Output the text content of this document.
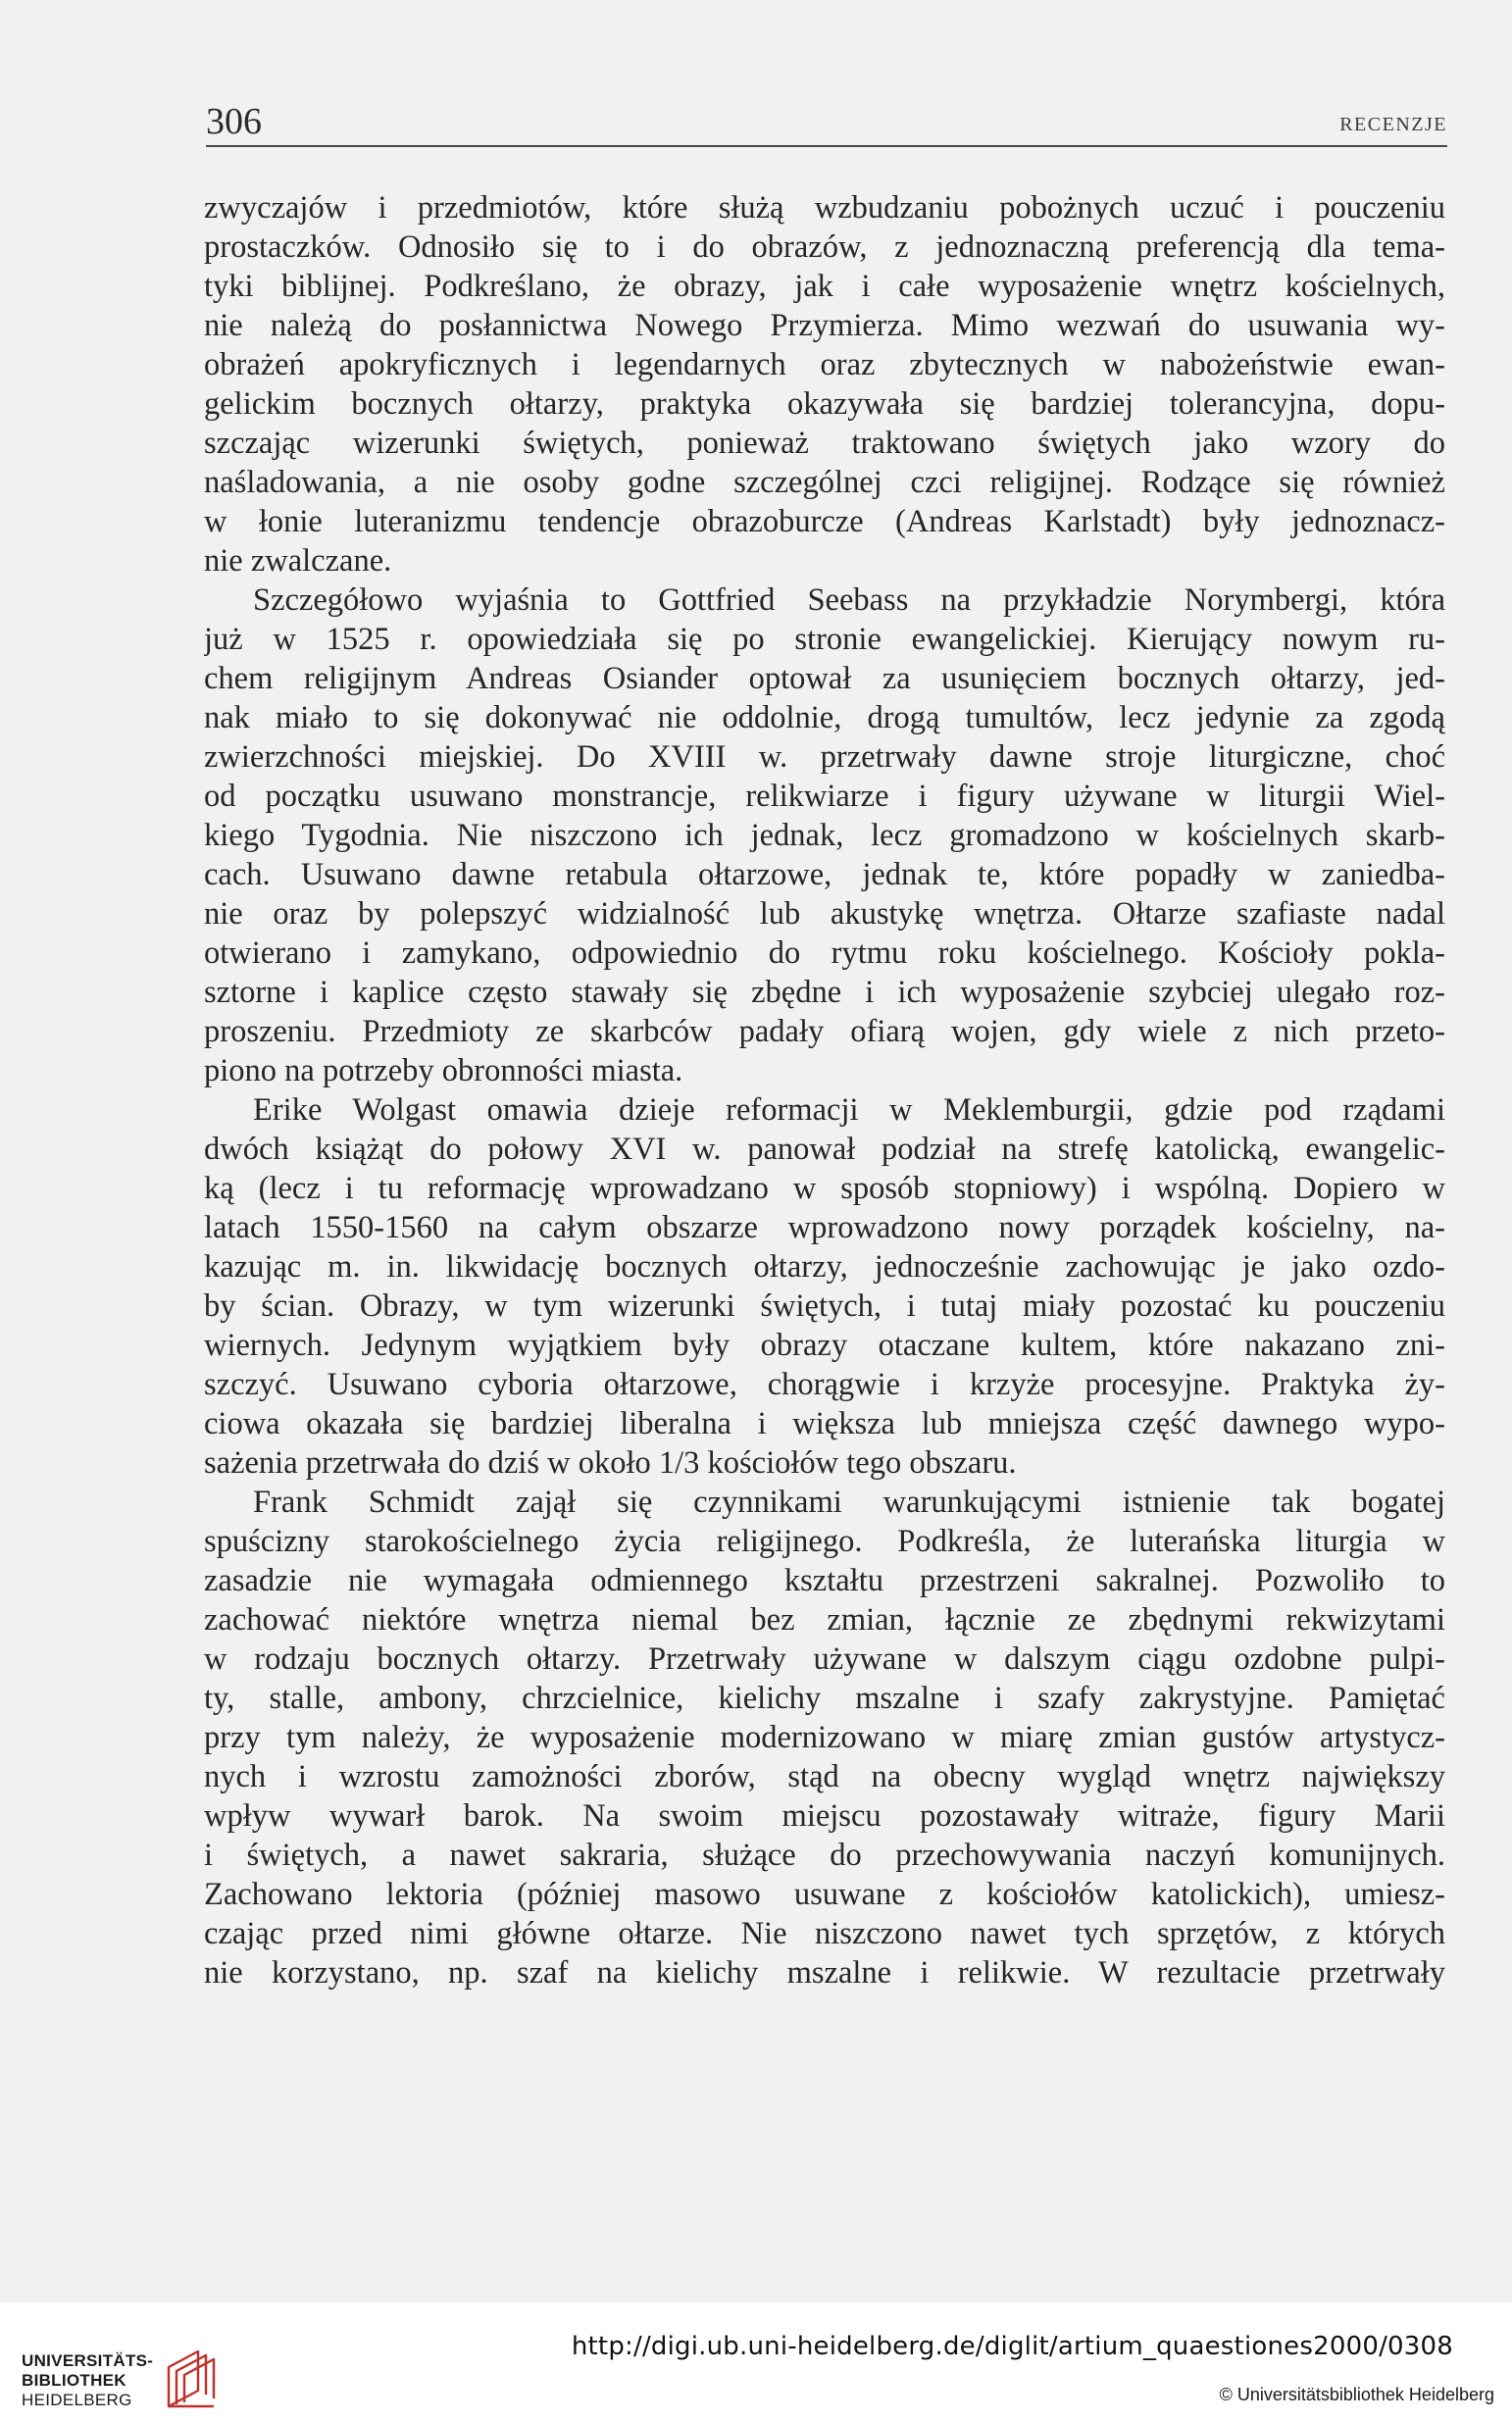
306	RECENZJE
zwyczajów i przedmiotów, które służą wzbudzaniu pobożnych uczuć i pouczeniu
prostaczków. Odnosiło się to i do obrazów, z jednoznaczną preferencją dla tema-
tyki biblijnej. Podkreślano, że obrazy, jak i całe wyposażenie wnętrz kościelnych,
nie należą do posłannictwa Nowego Przymierza. Mimo wezwań do usuwania wy-
obrażeń apokryficznych i legendarnych oraz zbytecznych w nabożeństwie ewan-
gelickim bocznych ołtarzy, praktyka okazywała się bardziej tolerancyjna, dopu-
szczając wizerunki świętych, ponieważ traktowano świętych jako wzory do
naśladowania, a nie osoby godne szczególnej czci religijnej. Rodzące się również
w łonie luteranizmu tendencje obrazoburcze (Andreas Karlstadt) były jednoznacz-
nie zwalczane.
Szczegółowo wyjaśnia to Gottfried Seebass na przykładzie Norymbergi, która
już w 1525 r. opowiedziała się po stronie ewangelickiej. Kierujący nowym ru-
chem religijnym Andreas Osiander optował za usunięciem bocznych ołtarzy, jed-
nak miało to się dokonywać nie oddolnie, drogą tumultów, lecz jedynie za zgodą
zwierzchności miejskiej. Do XVIII w. przetrwały dawne stroje liturgiczne, choć
od początku usuwano monstrancje, relikwiarze i figury używane w liturgii Wiel-
kiego Tygodnia. Nie niszczono ich jednak, lecz gromadzono w kościelnych skarb-
cach. Usuwano dawne retabula ołtarzowe, jednak te, które popadły w zaniedba-
nie oraz by polepszyć widzialność lub akustykę wnętrza. Ołtarze szafiaste nadal
otwierano i zamykano, odpowiednio do rytmu roku kościelnego. Kościoły pokla-
sztorne i kaplice często stawały się zbędne i ich wyposażenie szybciej ulegało roz-
proszeniu. Przedmioty ze skarbców padały ofiarą wojen, gdy wiele z nich przeto-
piono na potrzeby obronności miasta.
Erike Wolgast omawia dzieje reformacji w Meklemburgii, gdzie pod rządami
dwóch książąt do połowy XVI w. panował podział na strefę katolicką, ewangelic-
ką (lecz i tu reformację wprowadzano w sposób stopniowy) i wspólną. Dopiero w
latach 1550-1560 na całym obszarze wprowadzono nowy porządek kościelny, na-
kazując m. in. likwidację bocznych ołtarzy, jednocześnie zachowując je jako ozdo-
by ścian. Obrazy, w tym wizerunki świętych, i tutaj miały pozostać ku pouczeniu
wiernych. Jedynym wyjątkiem były obrazy otaczane kultem, które nakazano zni-
szczyć. Usuwano cyboria ołtarzowe, chorągwie i krzyże procesyjne. Praktyka ży-
ciowa okazała się bardziej liberalna i większa lub mniejsza część dawnego wypo-
sażenia przetrwała do dziś w około 1/3 kościołów tego obszaru.
Frank Schmidt zajął się czynnikami warunkującymi istnienie tak bogatej
spuścizny starokościelnego życia religijnego. Podkreśla, że luterańska liturgia w
zasadzie nie wymagała odmiennego kształtu przestrzeni sakralnej. Pozwoliło to
zachować niektóre wnętrza niemal bez zmian, łącznie ze zbędnymi rekwizytami
w rodzaju bocznych ołtarzy. Przetrwały używane w dalszym ciągu ozdobne pulpi-
ty, stalle, ambony, chrzcielnice, kielichy mszalne i szafy zakrystyjne. Pamiętać
przy tym należy, że wyposażenie modernizowano w miarę zmian gustów artystycz-
nych i wzrostu zamożności zborów, stąd na obecny wygląd wnętrz największy
wpływ wywarł barok. Na swoim miejscu pozostawały witraże, figury Marii
i świętych, a nawet sakraria, służące do przechowywania naczyń komunijnych.
Zachowano lektoria (później masowo usuwane z kościołów katolickich), umiesz-
czając przed nimi główne ołtarze. Nie niszczono nawet tych sprzętów, z których
nie korzystano, np. szaf na kielichy mszalne i relikwie. W rezultacie przetrwały
UNIVERSITÄTS-
BIBLIOTHEK
HEIDELBERG
http://digi.ub.uni-heidelberg.de/diglit/artium_quaestiones2000/0308
© Universitätsbibliothek Heidelberg
